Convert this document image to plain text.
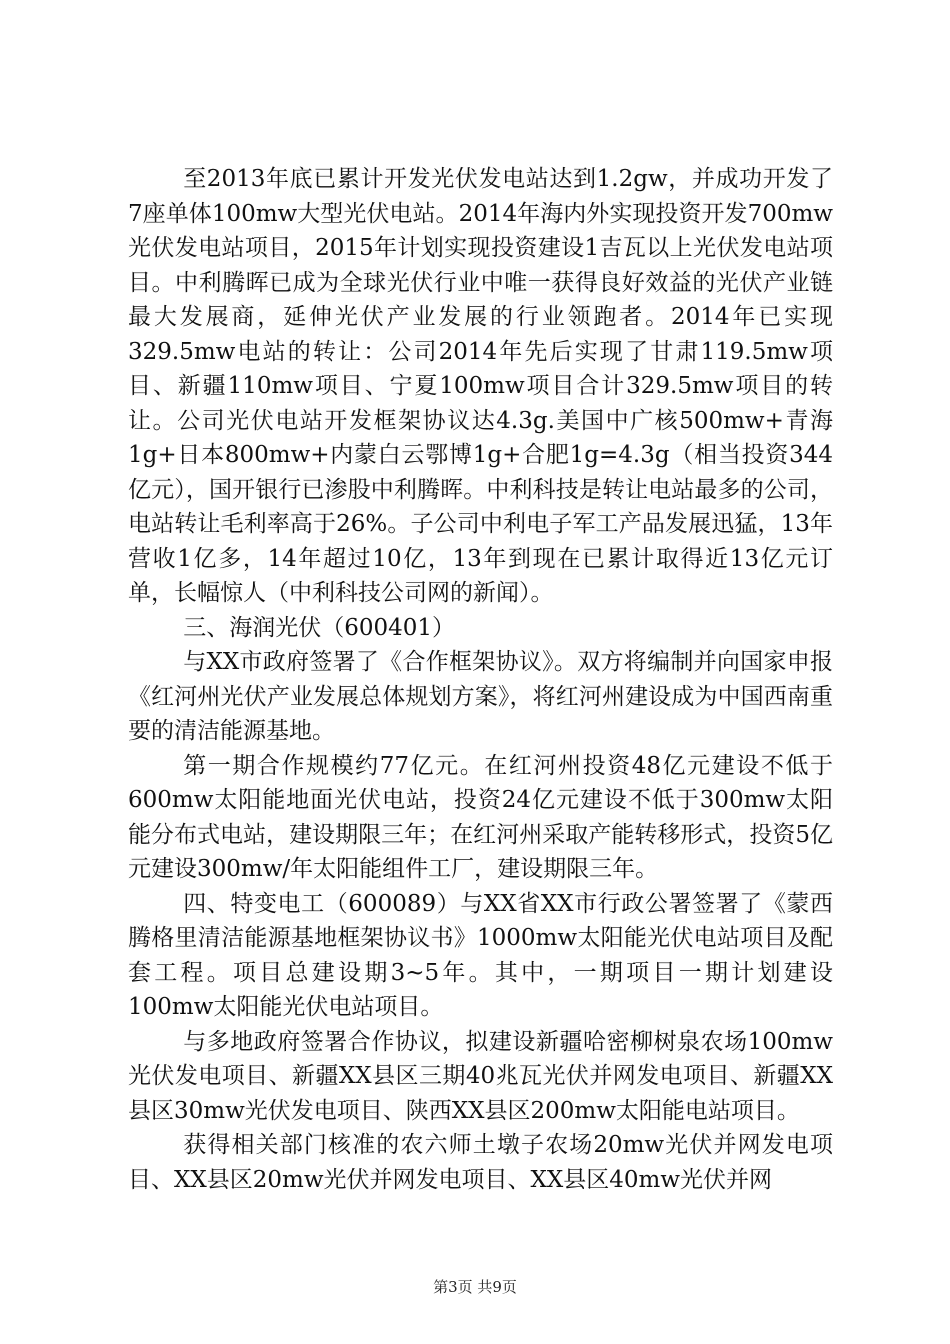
至2013年底已累计开发光伏发电站达到1.2gw，并成功开发了7座单体100mw大型光伏电站。2014年海内外实现投资开发700mw光伏发电站项目，2015年计划实现投资建设1吉瓦以上光伏发电站项目。中利腾晖已成为全球光伏行业中唯一获得良好效益的光伏产业链最大发展商，延伸光伏产业发展的行业领跑者。2014年已实现329.5mw电站的转让：公司2014年先后实现了甘肃119.5mw项目、新疆110mw项目、宁夏100mw项目合计329.5mw项目的转让。公司光伏电站开发框架协议达4.3g.美国中广核500mw+青海1g+日本800mw+内蒙白云鄂博1g+合肥1g=4.3g（相当投资344亿元），国开银行已渗股中利腾晖。中利科技是转让电站最多的公司，电站转让毛利率高于26%。子公司中利电子军工产品发展迅猛，13年营收1亿多，14年超过10亿，13年到现在已累计取得近13亿元订单，长幅惊人（中利科技公司网的新闻）。

三、海润光伏（600401）

与XX市政府签署了《合作框架协议》。双方将编制并向国家申报《红河州光伏产业发展总体规划方案》，将红河州建设成为中国西南重要的清洁能源基地。

第一期合作规模约77亿元。在红河州投资48亿元建设不低于600mw太阳能地面光伏电站，投资24亿元建设不低于300mw太阳能分布式电站，建设期限三年；在红河州采取产能转移形式，投资5亿元建设300mw/年太阳能组件工厂，建设期限三年。

四、特变电工（600089）与XX省XX市行政公署签署了《蒙西腾格里清洁能源基地框架协议书》1000mw太阳能光伏电站项目及配套工程。项目总建设期3~5年。其中，一期项目一期计划建设100mw太阳能光伏电站项目。

与多地政府签署合作协议，拟建设新疆哈密柳树泉农场100mw光伏发电项目、新疆XX县区三期40兆瓦光伏并网发电项目、新疆XX县区30mw光伏发电项目、陕西XX县区200mw太阳能电站项目。

获得相关部门核准的农六师土墩子农场20mw光伏并网发电项目、XX县区20mw光伏并网发电项目、XX县区40mw光伏并网

第3页 共9页
